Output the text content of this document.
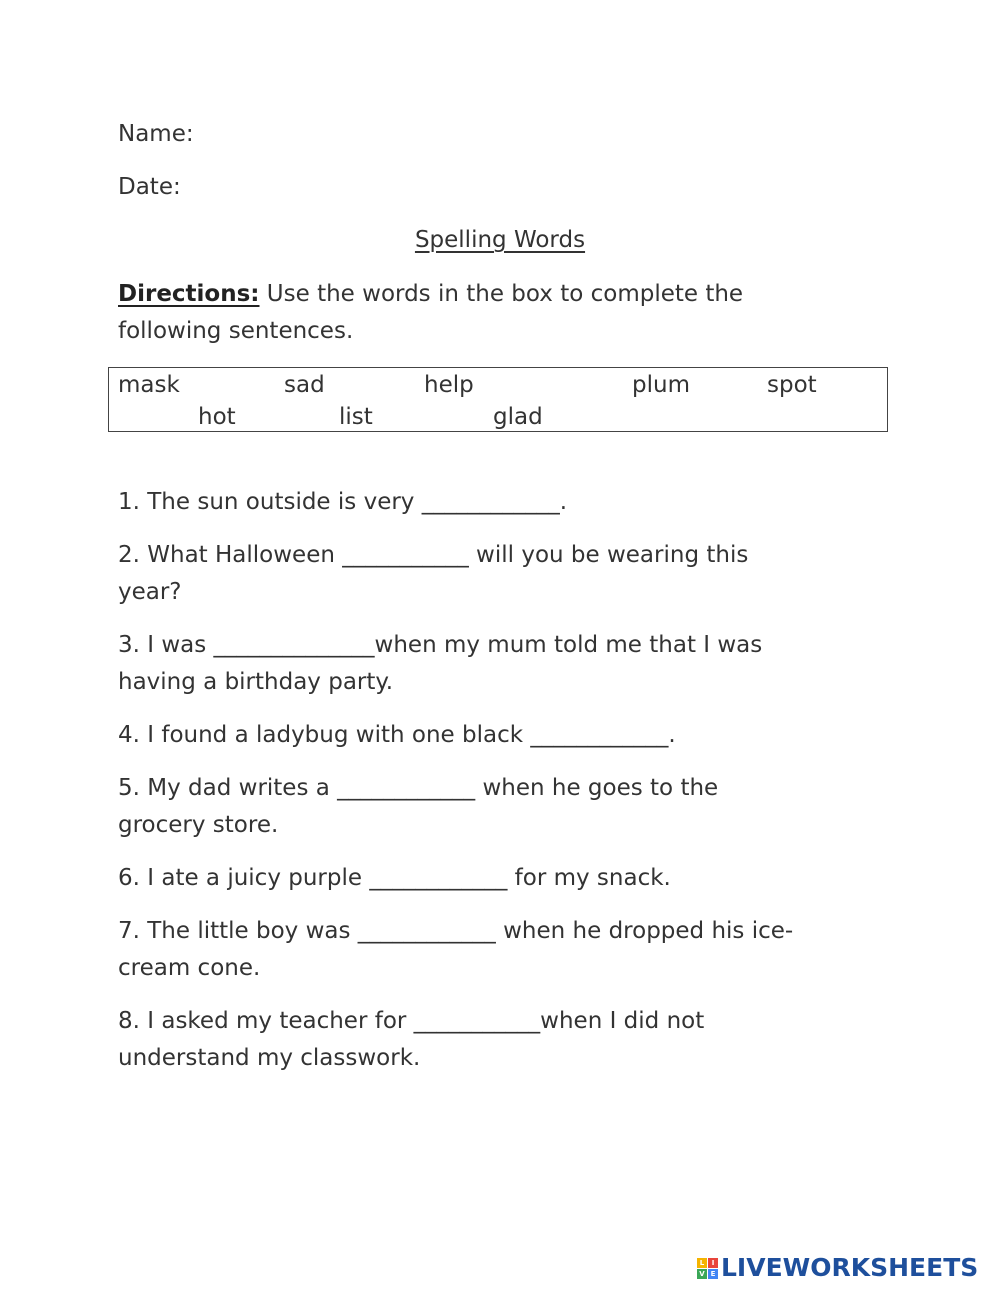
Name:
Date:
Spelling Words
Directions: Use the words in the box to complete the
following sentences.
mask	sad	help	plum	spot
hot	list	glad
1. The sun outside is very ____________.
2. What Halloween ___________ will you be wearing this
year?
3. I was ______________when my mum told me that I was
having a birthday party.
4. I found a ladybug with one black ____________.
5. My dad writes a ____________ when he goes to the
grocery store.
6. I ate a juicy purple ____________ for my snack.
7. The little boy was ____________ when he dropped his ice-
cream cone.
8. I asked my teacher for ___________when I did not
understand my classwork.
L	I
V E LIVEWORKSHEETS
